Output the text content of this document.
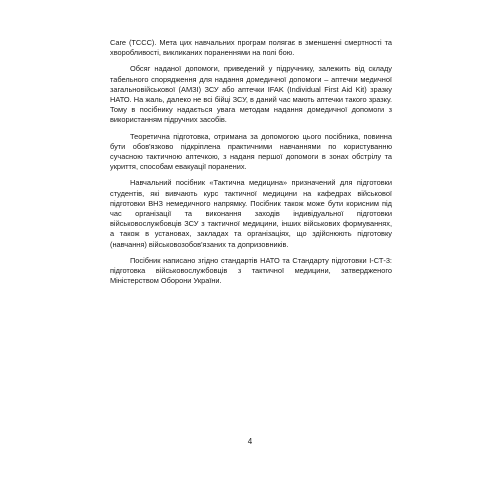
Care (TCCC). Мета цих навчальних програм полягає в зменшенні смертності та хворобливості, викликаних пораненнями на полі бою.

Обсяг наданої допомоги, приведений у підручнику, залежить від складу табельного спорядження для надання домедичної допомоги – аптечки медичної загальновійськової (АМЗІ) ЗСУ або аптечки IFAK (Individual First Aid Kit) зразку НАТО. На жаль, далеко не всі бійці ЗСУ, в даний час мають аптечки такого зразку. Тому в посібнику надається увага методам надання домедичної допомоги з використанням підручних засобів.

Теоретична підготовка, отримана за допомогою цього посібника, повинна бути обов'язково підкріплена практичними навчаннями по користуванню сучасною тактичною аптечкою, з наданя першої допомоги в зонах обстрілу та укриття, способам евакуації поранених.

Навчальний посібник «Тактична медицина» призначений для підготовки студентів, які вивчають курс тактичної медицини на кафедрах військової підготовки ВНЗ немедичного напрямку. Посібник також може бути корисним під час організації та виконання заходів індивідуальної підготовки військовослужбовців ЗСУ з тактичної медицини, інших військових формуваннях, а також в установах, закладах та організаціях, що здійснюють підготовку (навчання) військовозобов'язаних та допризовників.

Посібник написано згідно стандартів НАТО та Стандарту підготовки І-СТ-3: підготовка військовослужбовців з тактичної медицини, затвердженого Міністерством Оборони України.

4
